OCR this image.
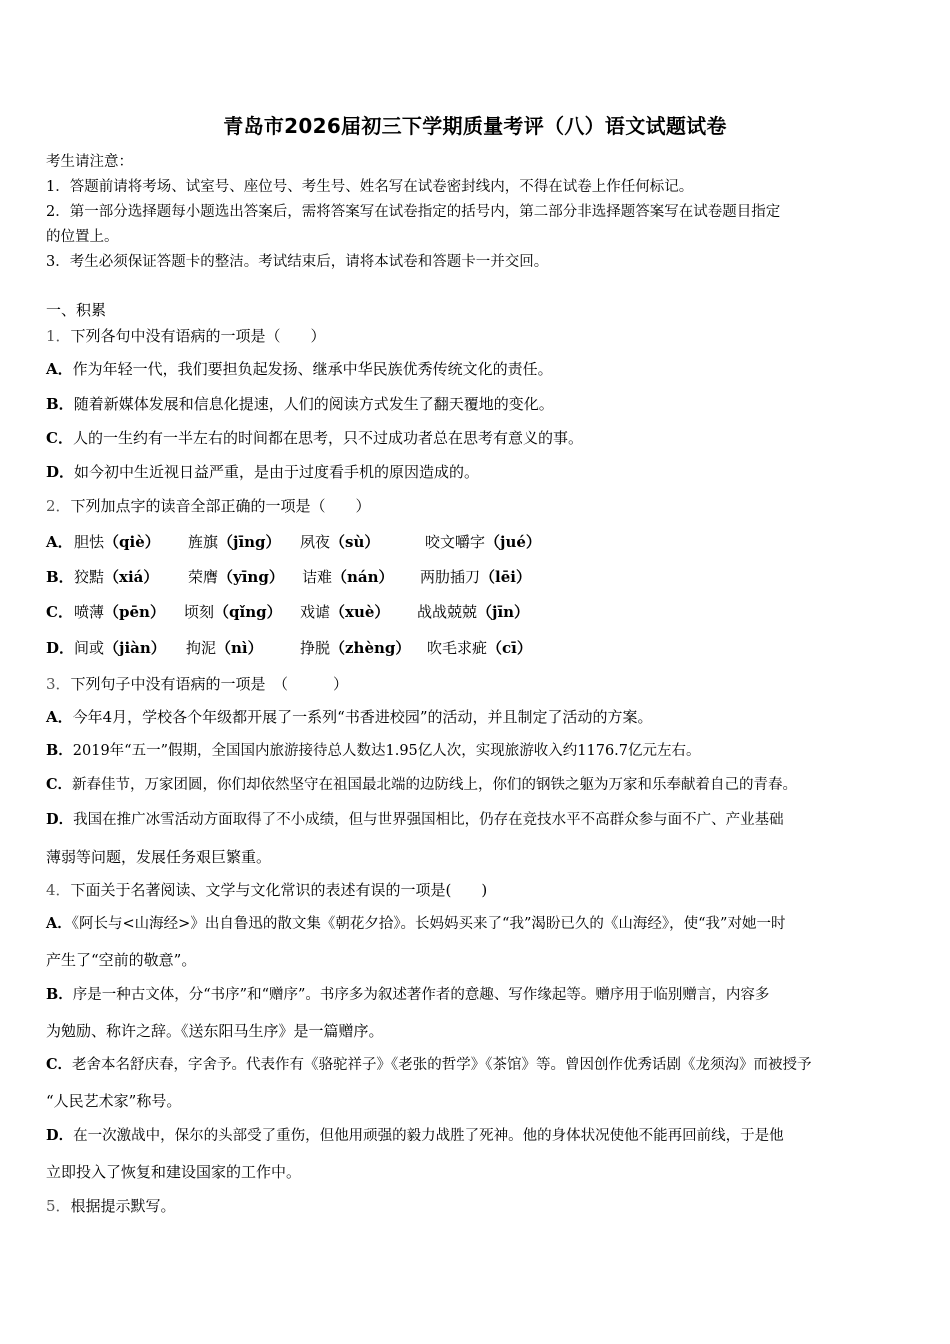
青岛市2026届初三下学期质量考评（八）语文试题试卷
考生请注意：
1．答题前请将考场、试室号、座位号、考生号、姓名写在试卷密封线内，不得在试卷上作任何标记。
2．第一部分选择题每小题选出答案后，需将答案写在试卷指定的括号内，第二部分非选择题答案写在试卷题目指定
的位置上。
3．考生必须保证答题卡的整洁。考试结束后，请将本试卷和答题卡一并交回。
一、积累
1．下列各句中没有语病的一项是（　　）
A．作为年轻一代，我们要担负起发扬、继承中华民族优秀传统文化的责任。
B．随着新媒体发展和信息化提速，人们的阅读方式发生了翻天覆地的变化。
C．人的一生约有一半左右的时间都在思考，只不过成功者总在思考有意义的事。
D．如今初中生近视日益严重，是由于过度看手机的原因造成的。
2．下列加点字的读音全部正确的一项是（　　）
A． 胆怯（qiè） 旌旗（jīng） 夙夜（sù）	咬文嚼字（jué）
B． 狡黠（xiá） 荣膺（yīng） 诘难（nán） 两肋插刀（lēi）
C． 喷薄（pēn） 顷刻（qǐng） 戏谑（xuè） 战战兢兢（jīn）
D． 间或（jiàn） 拘泥（nì） 挣脱（zhèng） 吹毛求疵（cī）
3．下列句子中没有语病的一项是　（　　　）
A．今年4月，学校各个年级都开展了一系列“书香进校园”的活动，并且制定了活动的方案。
B．2019年“五一”假期，全国国内旅游接待总人数达1.95亿人次，实现旅游收入约1176.7亿元左右。
C．新春佳节，万家团圆，你们却依然坚守在祖国最北端的边防线上，你们的钢铁之躯为万家和乐奉献着自己的青春。
D．我国在推广冰雪活动方面取得了不小成绩，但与世界强国相比，仍存在竞技水平不高群众参与面不广、产业基础
薄弱等问题，发展任务艰巨繁重。
4．下面关于名著阅读、文学与文化常识的表述有误的一项是(　　)
A．《阿长与<山海经>》出自鲁迅的散文集《朝花夕拾》。长妈妈买来了“我”渴盼已久的《山海经》，使“我”对她一时
产生了“空前的敬意”。
B．序是一种古文体，分“书序”和“赠序”。书序多为叙述著作者的意趣、写作缘起等。赠序用于临别赠言，内容多
为勉励、称许之辞。《送东阳马生序》是一篇赠序。
C．老舍本名舒庆春，字舍予。代表作有《骆驼祥子》《老张的哲学》《茶馆》等。曾因创作优秀话剧《龙须沟》而被授予
“人民艺术家”称号。
D．在一次激战中，保尔的头部受了重伤，但他用顽强的毅力战胜了死神。他的身体状况使他不能再回前线，于是他
立即投入了恢复和建设国家的工作中。
5．根据提示默写。
